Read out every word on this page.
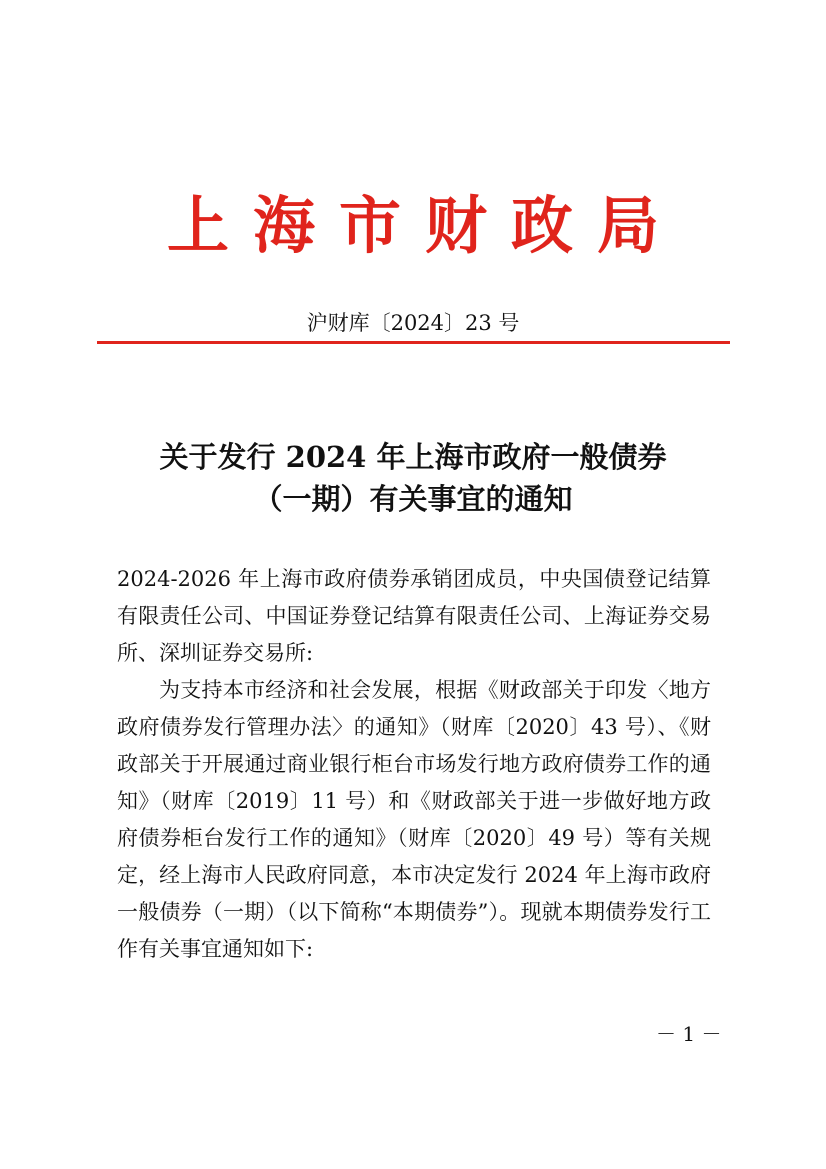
上海市财政局
沪财库〔2024〕23 号
关于发行 2024 年上海市政府一般债券
（一期）有关事宜的通知

2024-2026 年上海市政府债券承销团成员，中央国债登记结算有限责任公司、中国证券登记结算有限责任公司、上海证券交易所、深圳证券交易所:

为支持本市经济和社会发展，根据《财政部关于印发〈地方政府债券发行管理办法〉的通知》（财库〔2020〕43 号）、《财政部关于开展通过商业银行柜台市场发行地方政府债券工作的通知》（财库〔2019〕11 号）和《财政部关于进一步做好地方政府债券柜台发行工作的通知》（财库〔2020〕49 号）等有关规定，经上海市人民政府同意，本市决定发行 2024 年上海市政府一般债券（一期）（以下简称“本期债券”）。现就本期债券发行工作有关事宜通知如下:

－ 1 －
